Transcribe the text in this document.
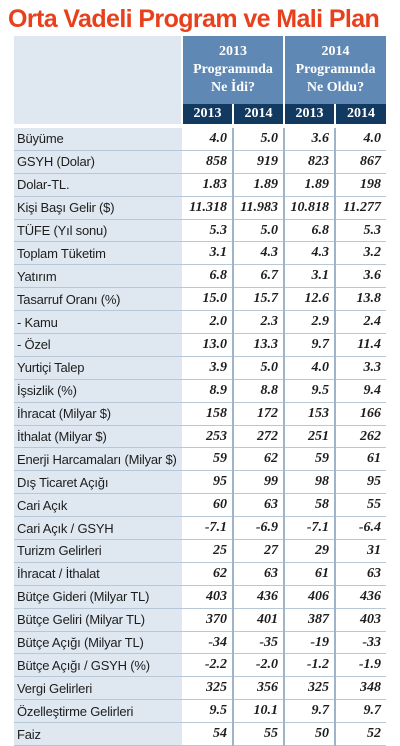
Orta Vadeli Program ve Mali Plan

	2013
Programında
Ne İdi?		2014
Programında
Ne Oldu?	

	2013	2014	2013	2014

Büyüme	4.0	5.0	3.6	4.0
GSYH (Dolar)	858	919	823	867
Dolar-TL.	1.83	1.89	1.89	198
Kişi Başı Gelir ($)	11.318	11.983	10.818	11.277
TÜFE (Yıl sonu)	5.3	5.0	6.8	5.3
Toplam Tüketim	3.1	4.3	4.3	3.2
Yatırım	6.8	6.7	3.1	3.6
Tasarruf Oranı (%)	15.0	15.7	12.6	13.8
- Kamu	2.0	2.3	2.9	2.4
- Özel	13.0	13.3	9.7	11.4
Yurtiçi Talep	3.9	5.0	4.0	3.3
İşsizlik (%)	8.9	8.8	9.5	9.4
İhracat (Milyar $)	158	172	153	166
İthalat (Milyar $)	253	272	251	262
Enerji Harcamaları (Milyar $)	59	62	59	61
Dış Ticaret Açığı	95	99	98	95
Cari Açık	60	63	58	55
Cari Açık / GSYH	-7.1	-6.9	-7.1	-6.4
Turizm Gelirleri	25	27	29	31
İhracat / İthalat	62	63	61	63
Bütçe Gideri (Milyar TL)	403	436	406	436
Bütçe Geliri (Milyar TL)	370	401	387	403
Bütçe Açığı (Milyar TL)	-34	-35	-19	-33
Bütçe Açığı / GSYH (%)	-2.2	-2.0	-1.2	-1.9
Vergi Gelirleri	325	356	325	348
Özelleştirme Gelirleri	9.5	10.1	9.7	9.7
Faiz	54	55	50	52
